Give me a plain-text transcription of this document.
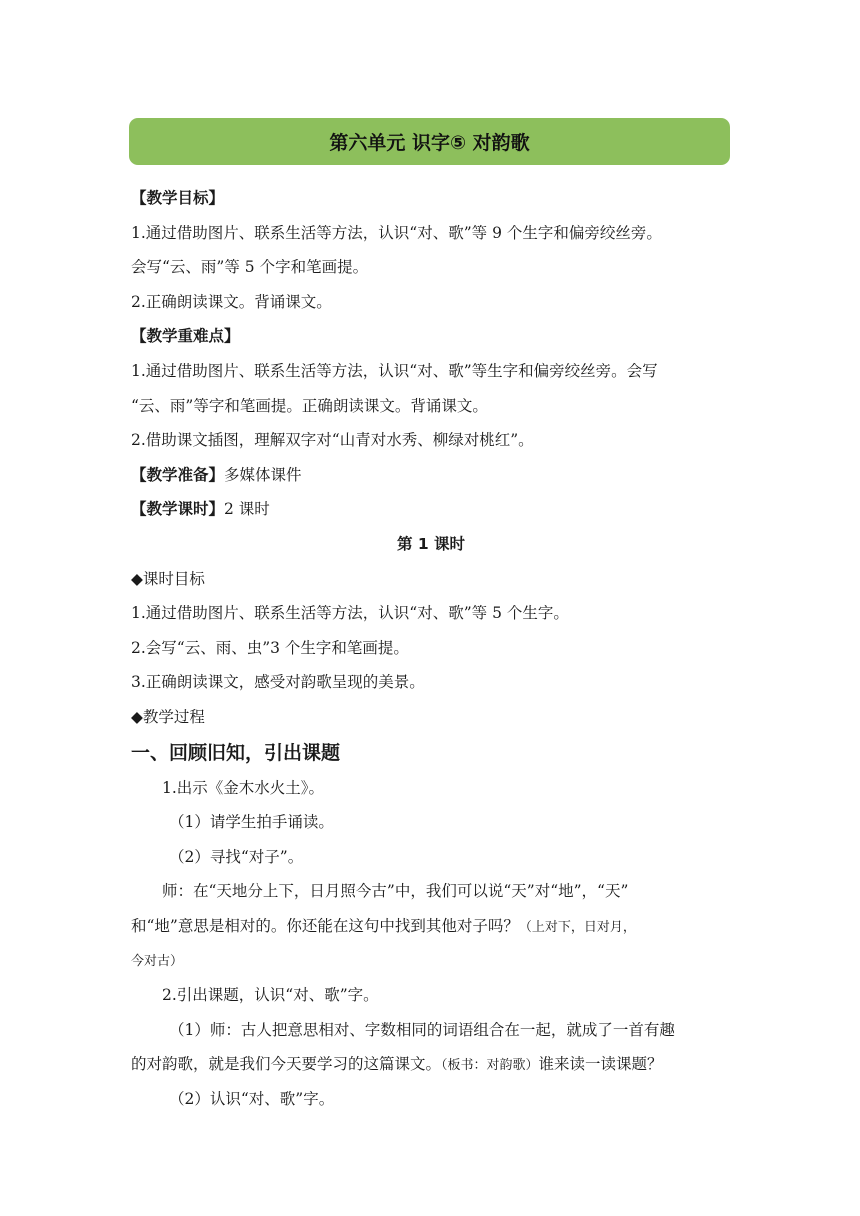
第六单元 识字⑤ 对韵歌
【教学目标】
1.通过借助图片、联系生活等方法，认识“对、歌”等 9 个生字和偏旁绞丝旁。
会写“云、雨”等 5 个字和笔画提。
2.正确朗读课文。背诵课文。
【教学重难点】
1.通过借助图片、联系生活等方法，认识“对、歌”等生字和偏旁绞丝旁。会写
“云、雨”等字和笔画提。正确朗读课文。背诵课文。
2.借助课文插图，理解双字对“山青对水秀、柳绿对桃红”。
【教学准备】多媒体课件
【教学课时】2 课时
第 1 课时
◆课时目标
1.通过借助图片、联系生活等方法，认识“对、歌”等 5 个生字。
2.会写“云、雨、虫”3 个生字和笔画提。
3.正确朗读课文，感受对韵歌呈现的美景。
◆教学过程
一、回顾旧知，引出课题
1.出示《金木水火土》。
（1）请学生拍手诵读。
（2）寻找“对子”。
师：在“天地分上下，日月照今古”中，我们可以说“天”对“地”，“天”
和“地”意思是相对的。你还能在这句中找到其他对子吗？（上对下，日对月，
今对古）
2.引出课题，认识“对、歌”字。
（1）师：古人把意思相对、字数相同的词语组合在一起，就成了一首有趣
的对韵歌，就是我们今天要学习的这篇课文。（板书：对韵歌）谁来读一读课题？
（2）认识“对、歌”字。
